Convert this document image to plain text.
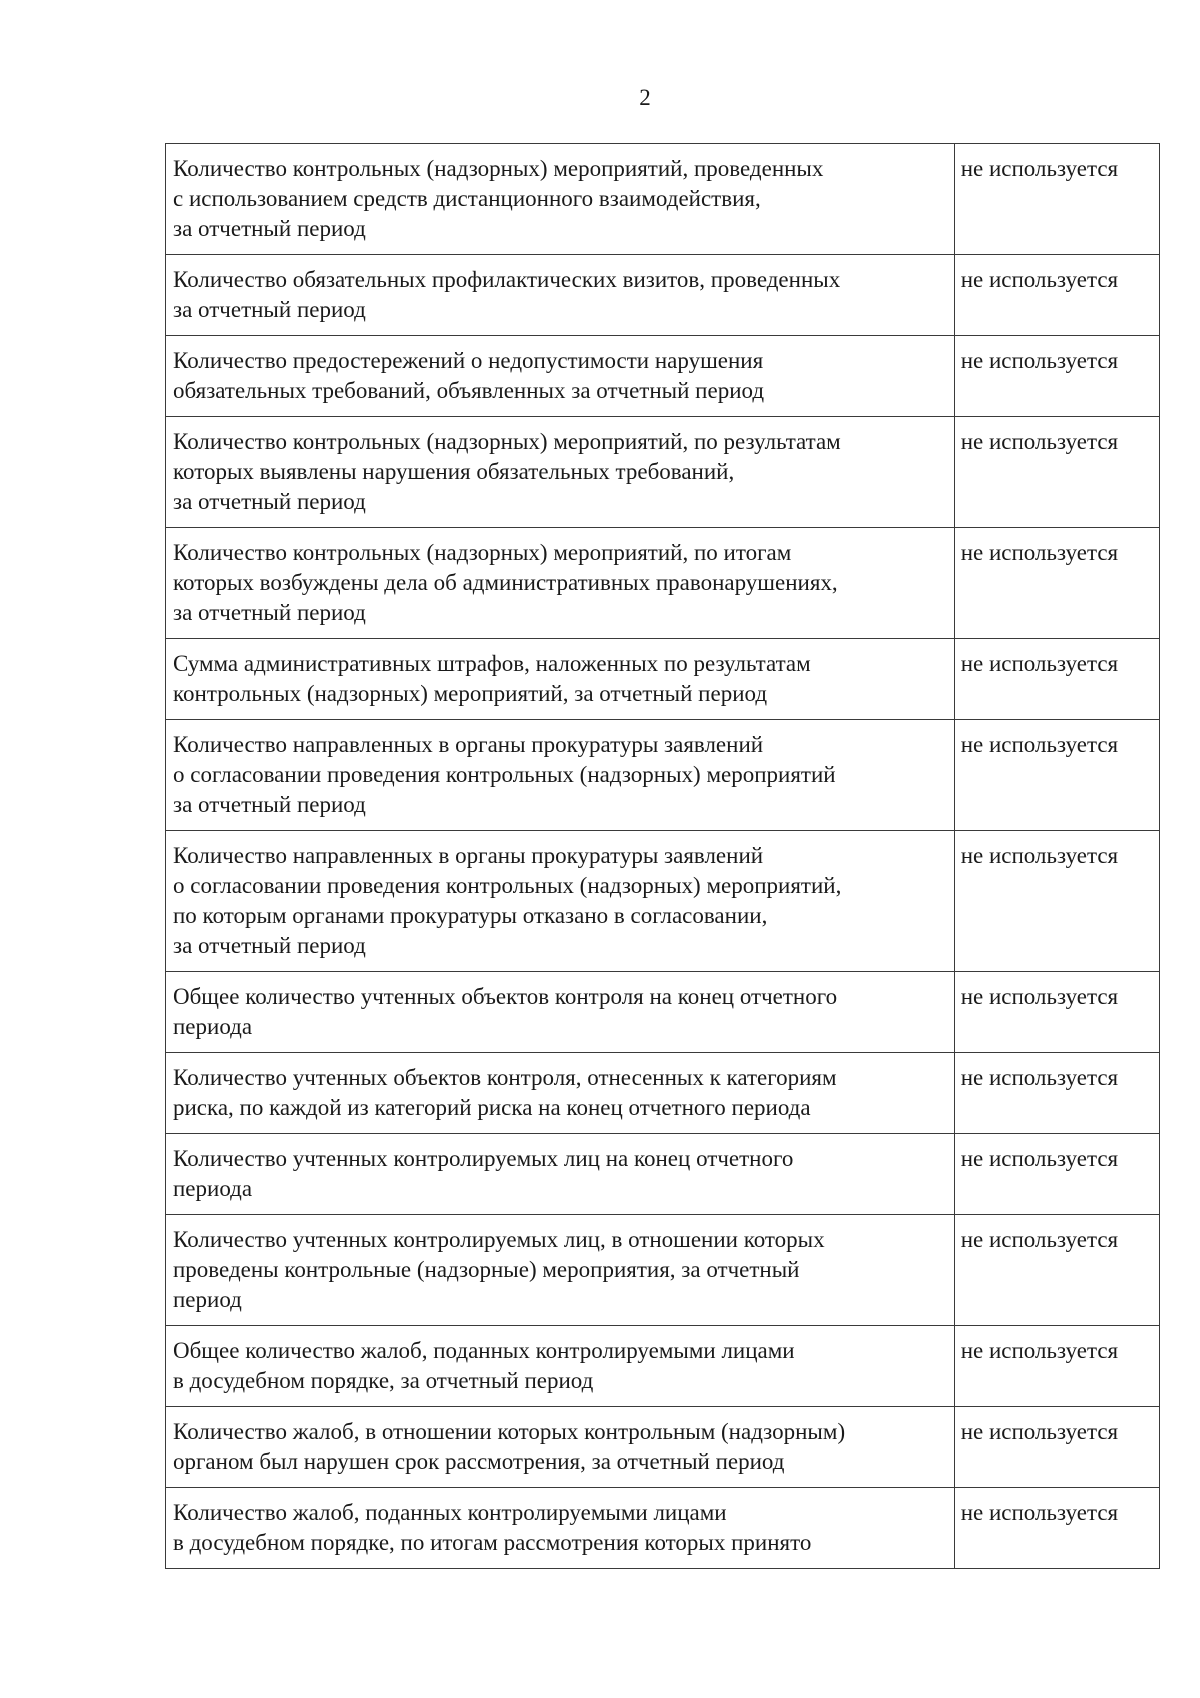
2
Количество контрольных (надзорных) мероприятий, проведенных
с использованием средств дистанционного взаимодействия,
за отчетный период	не используется

Количество обязательных профилактических визитов, проведенных
за отчетный период	не используется

Количество предостережений о недопустимости нарушения
обязательных требований, объявленных за отчетный период	не используется

Количество контрольных (надзорных) мероприятий, по результатам
которых выявлены нарушения обязательных требований,
за отчетный период	не используется

Количество контрольных (надзорных) мероприятий, по итогам
которых возбуждены дела об административных правонарушениях,
за отчетный период	не используется

Сумма административных штрафов, наложенных по результатам
контрольных (надзорных) мероприятий, за отчетный период	не используется

Количество направленных в органы прокуратуры заявлений
о согласовании проведения контрольных (надзорных) мероприятий
за отчетный период	не используется

Количество направленных в органы прокуратуры заявлений
о согласовании проведения контрольных (надзорных) мероприятий,
по которым органами прокуратуры отказано в согласовании,
за отчетный период	не используется

Общее количество учтенных объектов контроля на конец отчетного
периода	не используется

Количество учтенных объектов контроля, отнесенных к категориям
риска, по каждой из категорий риска на конец отчетного периода	не используется

Количество учтенных контролируемых лиц на конец отчетного
периода	не используется

Количество учтенных контролируемых лиц, в отношении которых
проведены контрольные (надзорные) мероприятия, за отчетный
период	не используется

Общее количество жалоб, поданных контролируемыми лицами
в досудебном порядке, за отчетный период	не используется

Количество жалоб, в отношении которых контрольным (надзорным)
органом был нарушен срок рассмотрения, за отчетный период	не используется

Количество жалоб, поданных контролируемыми лицами
в досудебном порядке, по итогам рассмотрения которых принято	не используется
